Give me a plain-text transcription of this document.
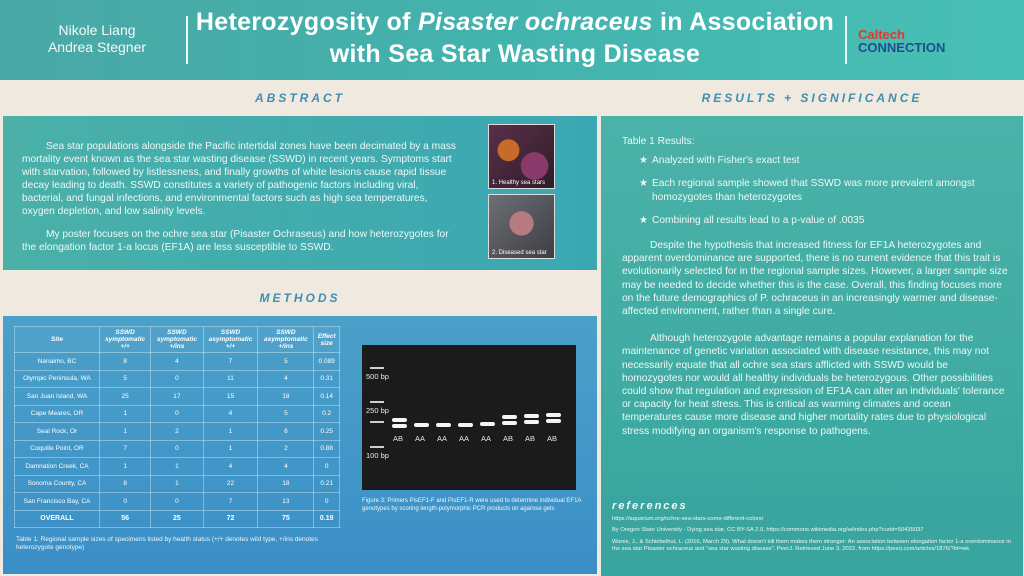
Nikole Liang
Andrea Stegner
Heterozygosity of Pisaster ochraceus in Association with Sea Star Wasting Disease
Caltech
CONNECTION
ABSTRACT

Sea star populations alongside the Pacific intertidal zones have been decimated by a mass mortality event known as the sea star wasting disease (SSWD) in recent years. Symptoms start with starvation, followed by listlessness, and finally growths of white lesions cause rapid tissue decay leading to death. SSWD constitutes a variety of pathogenic factors including viral, bacterial, and fungal infections, and environmental factors such as high sea temperatures, oxygen depletion, and low salinity levels.

My poster focuses on the ochre sea star (Pisaster Ochraseus) and how heterozygotes for the elongation factor 1-a locus (EF1A) are less susceptible to SSWD.

1. Healthy sea stars
2. Diseased sea star
METHODS
Site	SSWD symptomatic +/+	SSWD symptomatic +/ins	SSWD asymptomatic +/+	SSWD asymptomatic +/ins	Effect size
Nanaimo, BC	8	4	7	5	0.089
Olympic Peninsula, WA	5	0	11	4	0.31
San Juan Island, WA	25	17	15	18	0.14
Cape Meares, OR	1	0	4	5	0.2
Seal Rock, Or	1	2	1	6	0.25
Coquille Point, OR	7	0	1	2	0.88
Damnation Creek, CA	1	1	4	4	0
Sonoma County, CA	8	1	22	18	0.21
San Francisco Bay, CA	0	0	7	13	0
OVERALL	56	25	72	75	0.19
Table 1: Regional sample sizes of specimens listed by health status (+/+ denotes wild type, +/ins denotes heterozygote genotype)
500 bp
250 bp
100 bp
AB AA AA AA AA AB AB AB
Figure 3: Primers PisEF1-F and PisEF1-R were used to determine individual EF1A genotypes by scoring length-polymorphic PCR products on agarose gels
RESULTS + SIGNIFICANCE

Table 1 Results:

★ Analyzed with Fisher's exact test
★ Each regional sample showed that SSWD was more prevalent amongst homozygotes than heterozygotes
★ Combining all results lead to a p-value of .0035

Despite the hypothesis that increased fitness for EF1A heterozygotes and apparent overdominance are supported, there is no current evidence that this trait is evolutionarily selected for in the regional sample sizes. However, a larger sample size may be needed to decide whether this is the case. Overall, this finding focuses more on the future demographics of P. ochraceus in an increasingly warmer and disease-affected environment, rather than a single cure.

Although heterozygote advantage remains a popular explanation for the maintenance of genetic variation associated with disease resistance, this may not necessarily equate that all ochre sea stars afflicted with SSWD would be homozygotes nor would all healthy individuals be heterozygous. Other possibilities could show that regulation and expression of EF1A can alter an individuals' tolerance or capacity for heat stress. This is critical as warming climates and ocean temperatures cause more disease and higher mortality rates due to physiological stress modifying an organism's response to pathogens.

references
https://aquarium.org/ochre-sea-stars-come-different-colors/
By Oregon State University - Dying sea star, CC BY-SA 2.0, https://commons.wikimedia.org/w/index.php?curid=50435037
Wares, J., & Schiebelhut, L. (2016, March 29). What doesn't kill them makes them stronger: An association between elongation factor 1-a overdominance in the sea star Pisaster ochraceus and "sea star wasting disease". PeerJ. Retrieved June 3, 2022, from https://peerj.com/articles/1876/?td=wk
